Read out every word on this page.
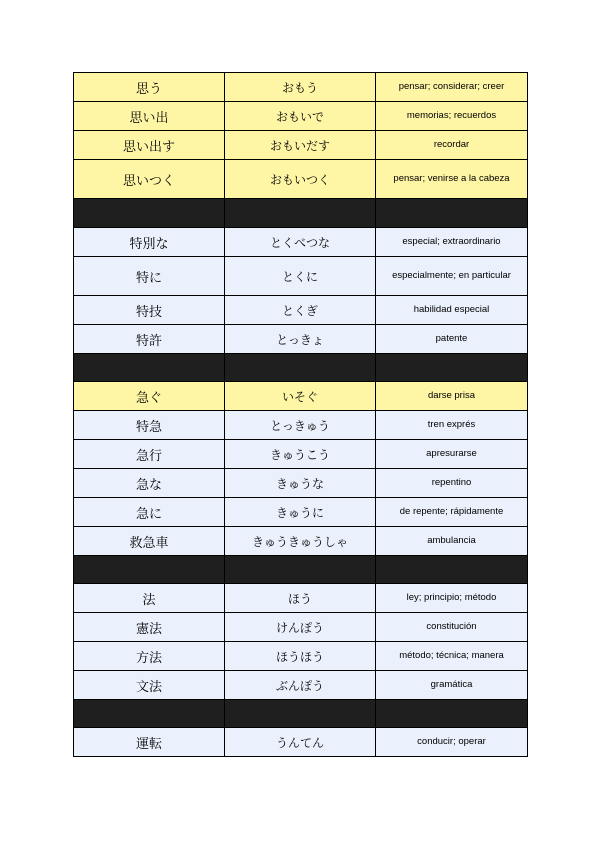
思う	おもう	pensar; considerar; creer
思い出	おもいで	memorias; recuerdos
思い出す	おもいだす	recordar
思いつく	おもいつく	pensar; venirse a la cabeza

特別な	とくべつな	especial; extraordinario
特に	とくに	especialmente; en particular
特技	とくぎ	habilidad especial
特許	とっきょ	patente

急ぐ	いそぐ	darse prisa
特急	とっきゅう	tren exprés
急行	きゅうこう	apresurarse
急な	きゅうな	repentino
急に	きゅうに	de repente; rápidamente
救急車	きゅうきゅうしゃ	ambulancia

法	ほう	ley; principio; método
憲法	けんぽう	constitución
方法	ほうほう	método; técnica; manera
文法	ぶんぽう	gramática

運転	うんてん	conducir; operar
